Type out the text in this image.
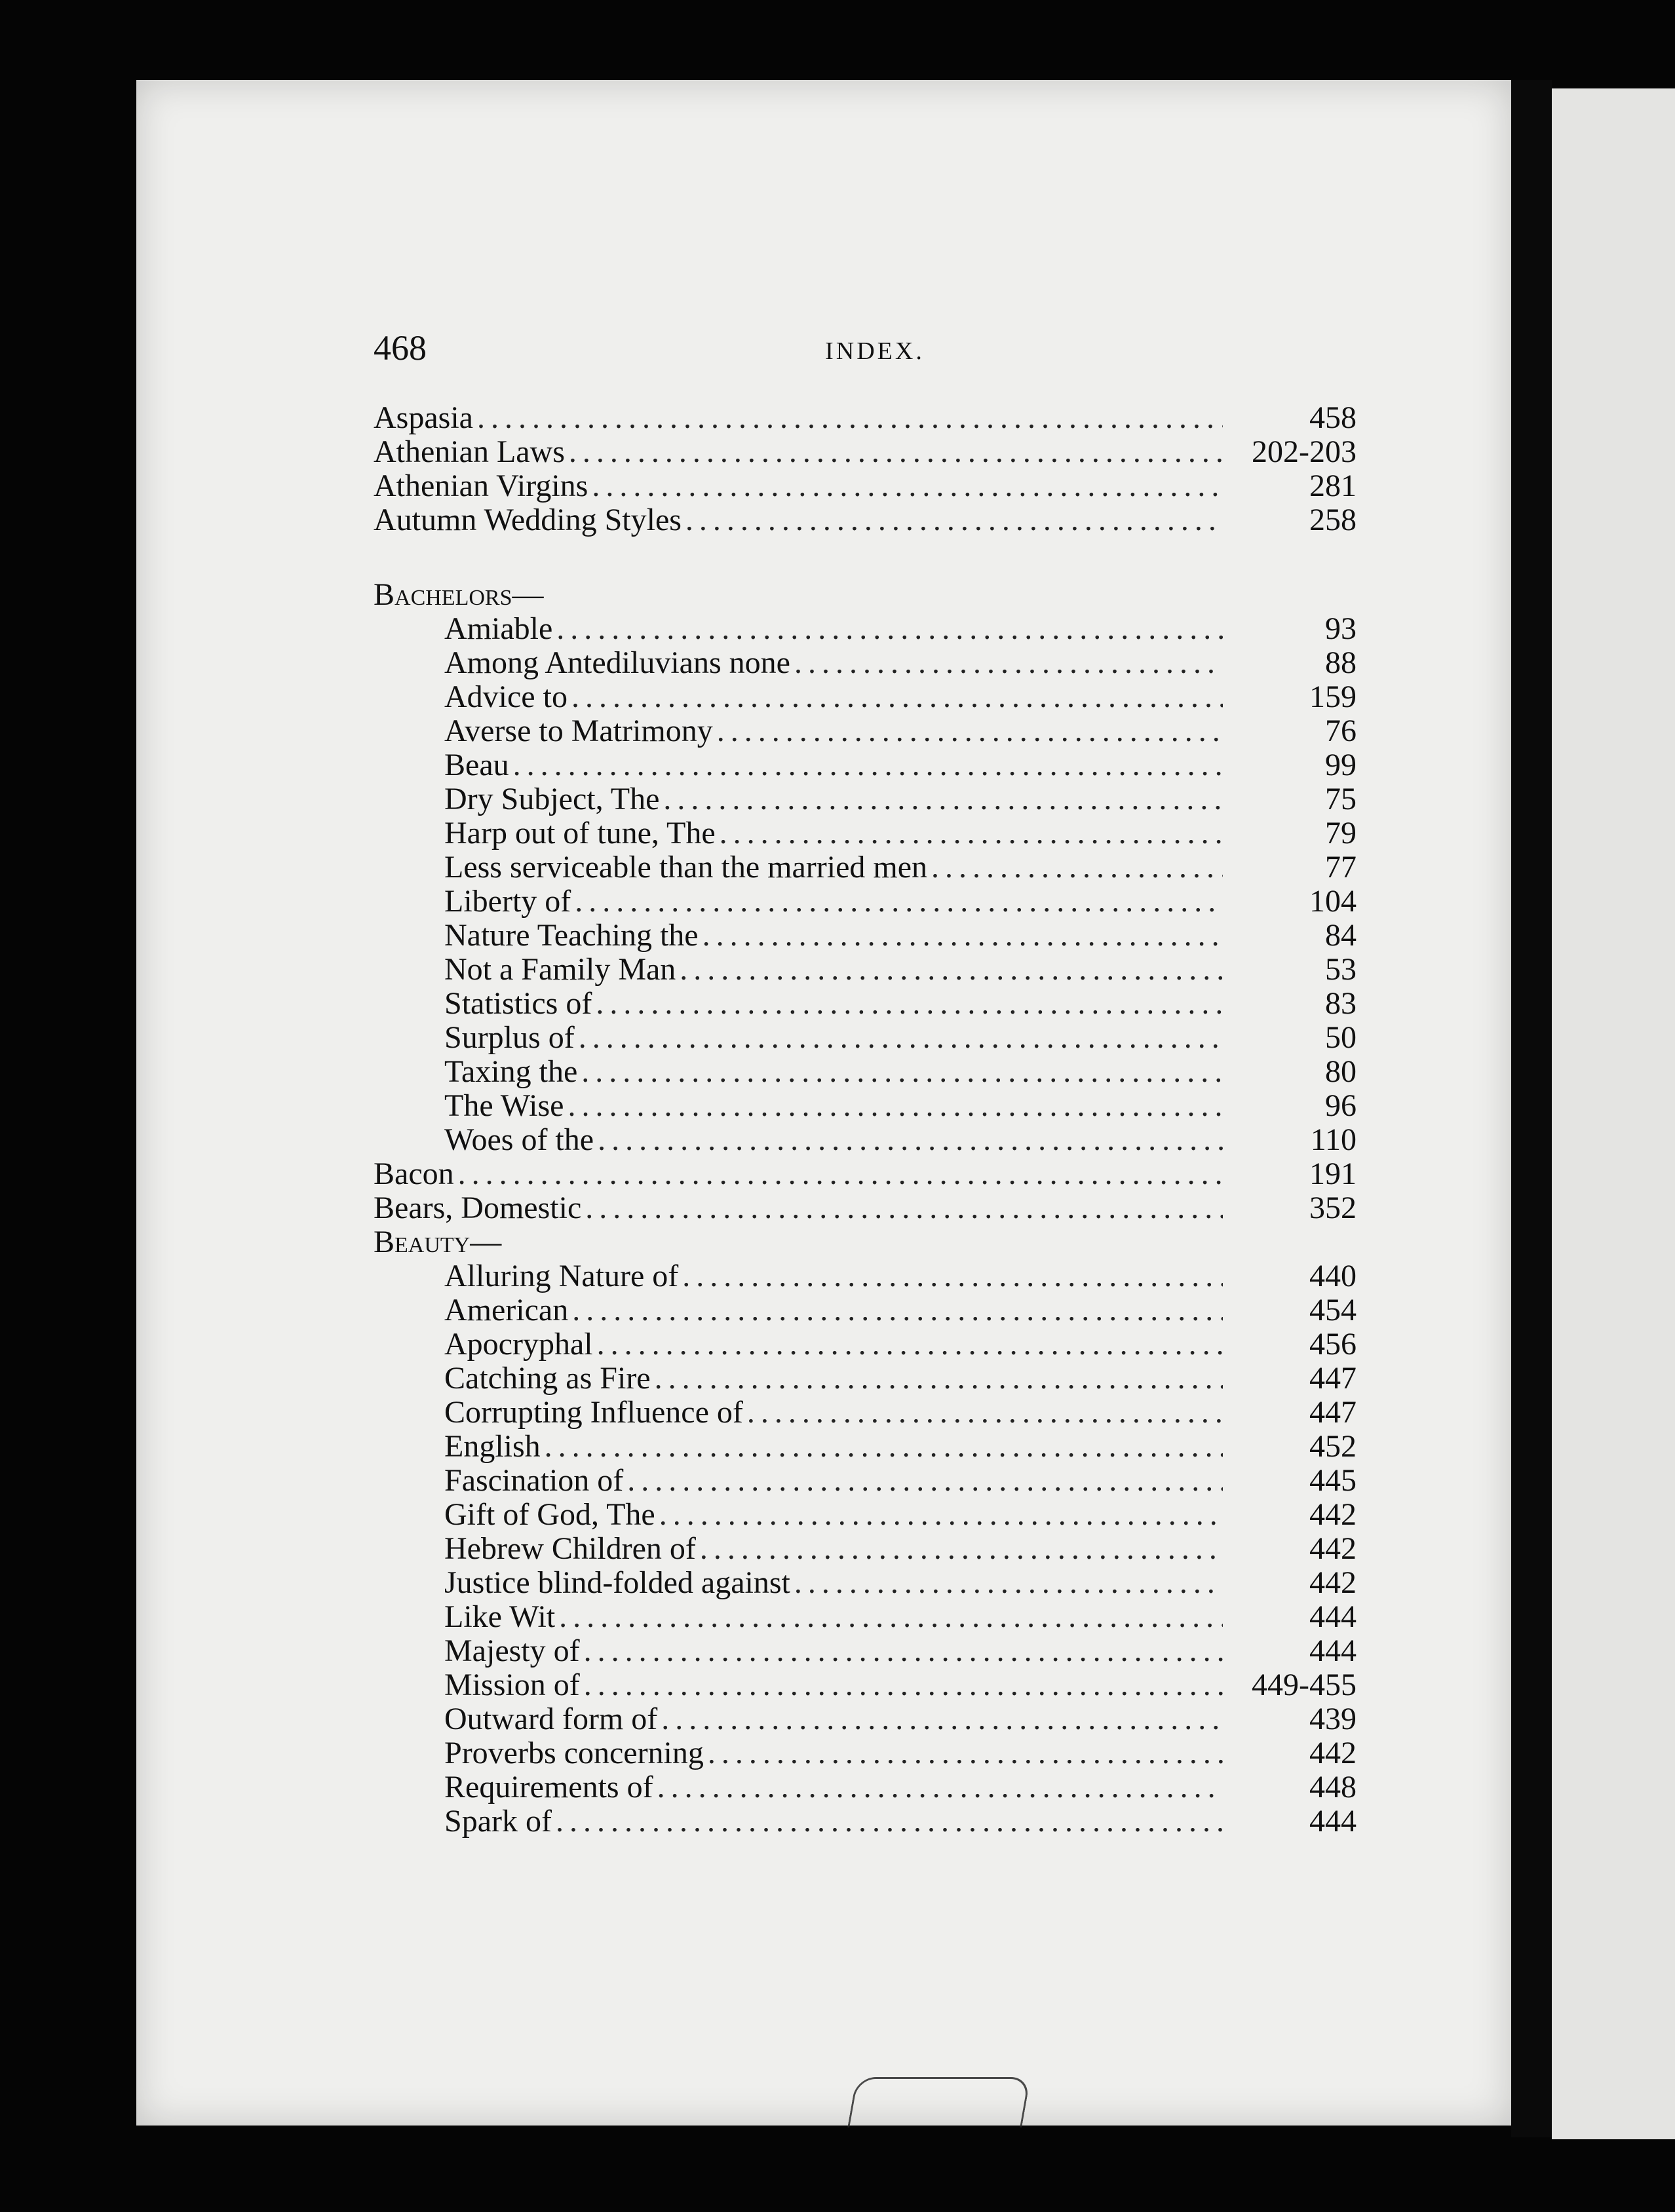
468	INDEX.
Aspasia .....	458
Athenian Laws .....	202-203
Athenian Virgins .....	281
Autumn Wedding Styles .....	258
Bachelors—
Amiable .....	93
Among Antediluvians none .....	88
Advice to .....	159
Averse to Matrimony .....	76
Beau .....	99
Dry Subject, The .....	75
Harp out of tune, The .....	79
Less serviceable than the married men .....	77
Liberty of .....	104
Nature Teaching the .....	84
Not a Family Man .....	53
Statistics of .....	83
Surplus of .....	50
Taxing the .....	80
The Wise .....	96
Woes of the .....	110
Bacon .....	191
Bears, Domestic .....	352
Beauty—
Alluring Nature of .....	440
American .....	454
Apocryphal .....	456
Catching as Fire .....	447
Corrupting Influence of .....	447
English .....	452
Fascination of .....	445
Gift of God, The .....	442
Hebrew Children of .....	442
Justice blind-folded against .....	442
Like Wit .....	444
Majesty of .....	444
Mission of .....	449-455
Outward form of .....	439
Proverbs concerning .....	442
Requirements of .....	448
Spark of .....	444
